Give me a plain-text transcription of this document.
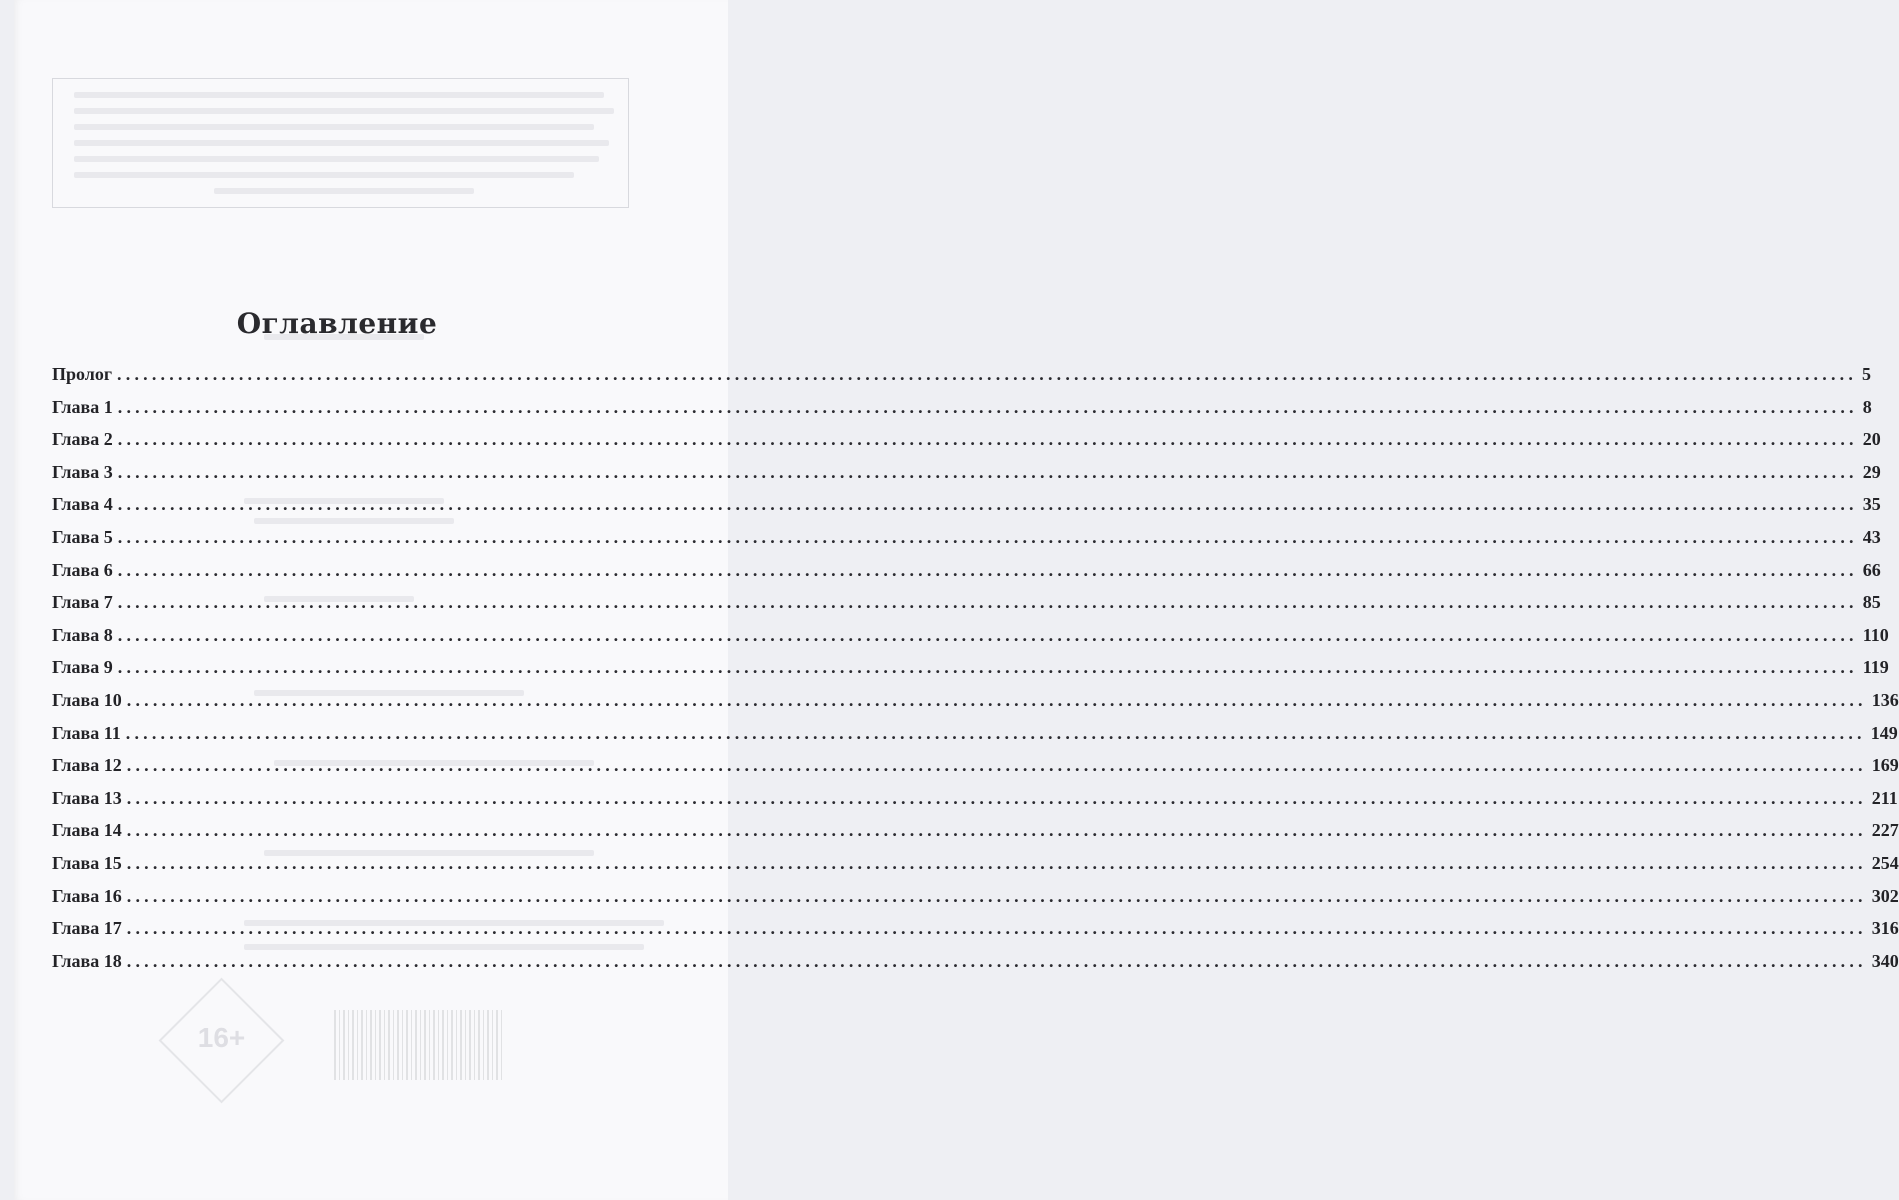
16+
Оглавление
Пролог ........................................................................................................................................................................................................ 5
Глава 1 ........................................................................................................................................................................................................ 8
Глава 2 ........................................................................................................................................................................................................ 20
Глава 3 ........................................................................................................................................................................................................ 29
Глава 4 ........................................................................................................................................................................................................ 35
Глава 5 ........................................................................................................................................................................................................ 43
Глава 6 ........................................................................................................................................................................................................ 66
Глава 7 ........................................................................................................................................................................................................ 85
Глава 8 ........................................................................................................................................................................................................ 110
Глава 9 ........................................................................................................................................................................................................ 119
Глава 10 ........................................................................................................................................................................................................ 136
Глава 11 ........................................................................................................................................................................................................ 149
Глава 12 ........................................................................................................................................................................................................ 169
Глава 13 ........................................................................................................................................................................................................ 211
Глава 14 ........................................................................................................................................................................................................ 227
Глава 15 ........................................................................................................................................................................................................ 254
Глава 16 ........................................................................................................................................................................................................ 302
Глава 17 ........................................................................................................................................................................................................ 316
Глава 18 ........................................................................................................................................................................................................ 340
